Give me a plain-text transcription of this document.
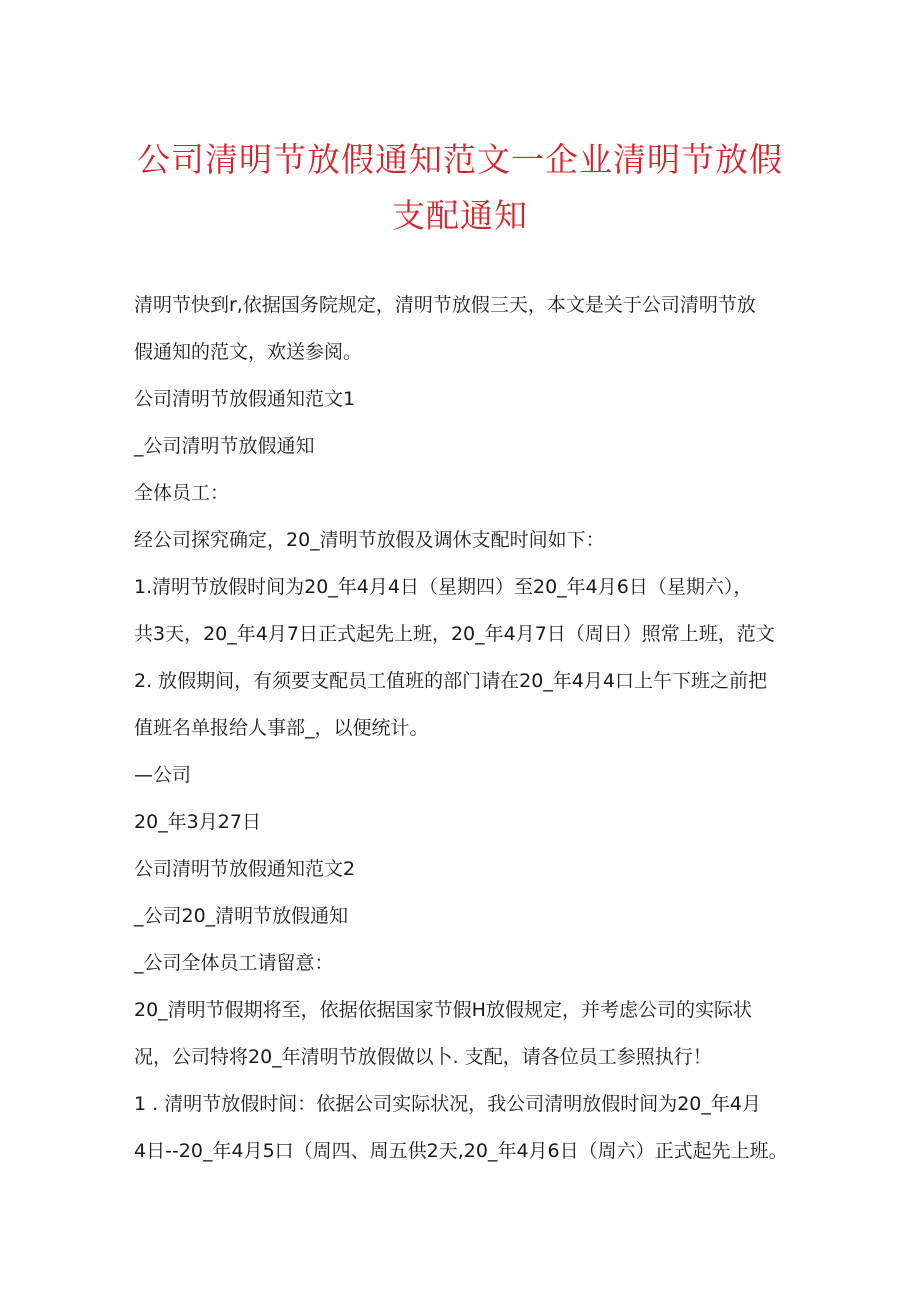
公司清明节放假通知范文一企业清明节放假
支配通知

清明节快到r,依据国务院规定，清明节放假三天，本文是关于公司清明节放

假通知的范文，欢送参阅。

公司清明节放假通知范文1

_公司清明节放假通知

全体员工：

经公司探究确定，20_清明节放假及调休支配时间如下：

1.清明节放假时间为20_年4月4日（星期四）至20_年4月6日（星期六），

共3天，20_年4月7日正式起先上班，20_年4月7日（周日）照常上班，范文

2. 放假期间，有须要支配员工值班的部门请在20_年4月4口上午下班之前把

值班名单报给人事部_，以便统计。

—公司

20_年3月27日

公司清明节放假通知范文2

_公司20_清明节放假通知

_公司全体员工请留意：

20_清明节假期将至，依据依据国家节假H放假规定，并考虑公司的实际状

况，公司特将20_年清明节放假做以卜. 支配，请各位员工参照执行！

1 . 清明节放假时间：依据公司实际状况，我公司清明放假时间为20_年4月

4日--20_年4月5口（周四、周五供2天,20_年4月6日（周六）正式起先上班。
